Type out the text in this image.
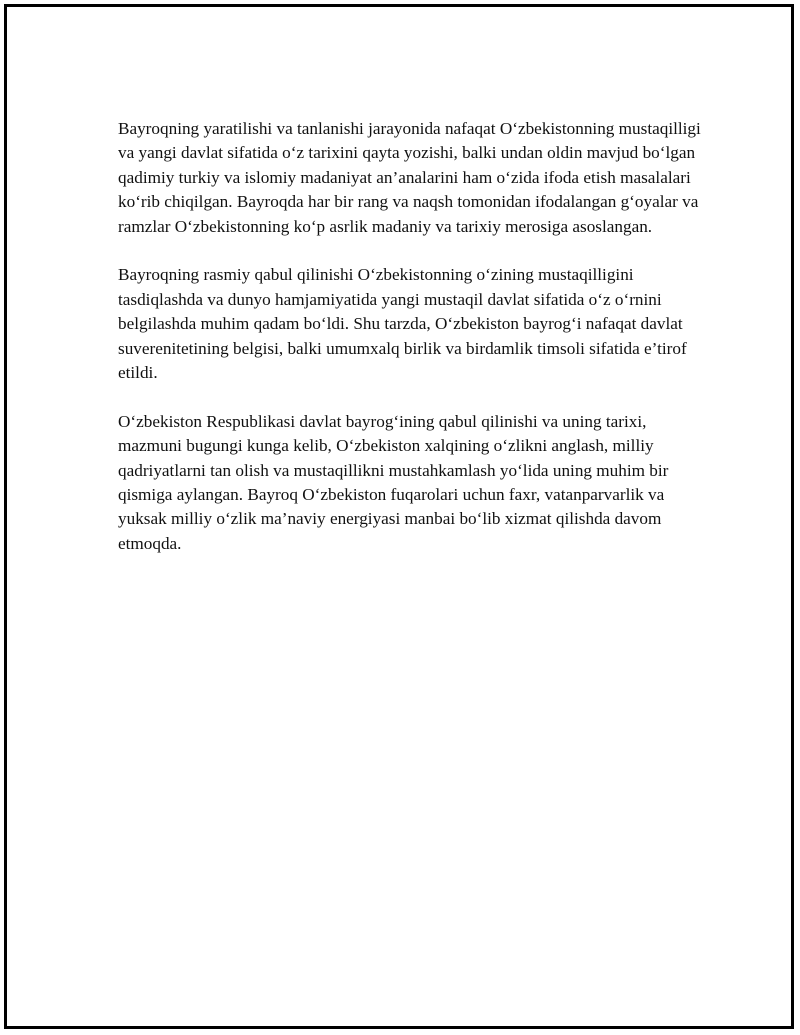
Bayroqning yaratilishi va tanlanishi jarayonida nafaqat O‘zbekistonning mustaqilligi va yangi davlat sifatida o‘z tarixini qayta yozishi, balki undan oldin mavjud bo‘lgan qadimiy turkiy va islomiy madaniyat an’analarini ham o‘zida ifoda etish masalalari ko‘rib chiqilgan. Bayroqda har bir rang va naqsh tomonidan ifodalangan g‘oyalar va ramzlar O‘zbekistonning ko‘p asrlik madaniy va tarixiy merosiga asoslangan.

Bayroqning rasmiy qabul qilinishi O‘zbekistonning o‘zining mustaqilligini tasdiqlashda va dunyo hamjamiyatida yangi mustaqil davlat sifatida o‘z o‘rnini belgilashda muhim qadam bo‘ldi. Shu tarzda, O‘zbekiston bayrog‘i nafaqat davlat suverenitetining belgisi, balki umumxalq birlik va birdamlik timsoli sifatida e’tirof etildi.

O‘zbekiston Respublikasi davlat bayrog‘ining qabul qilinishi va uning tarixi, mazmuni bugungi kunga kelib, O‘zbekiston xalqining o‘zlikni anglash, milliy qadriyatlarni tan olish va mustaqillikni mustahkamlash yo‘lida uning muhim bir qismiga aylangan. Bayroq O‘zbekiston fuqarolari uchun faxr, vatanparvarlik va yuksak milliy o‘zlik ma’naviy energiyasi manbai bo‘lib xizmat qilishda davom etmoqda.
